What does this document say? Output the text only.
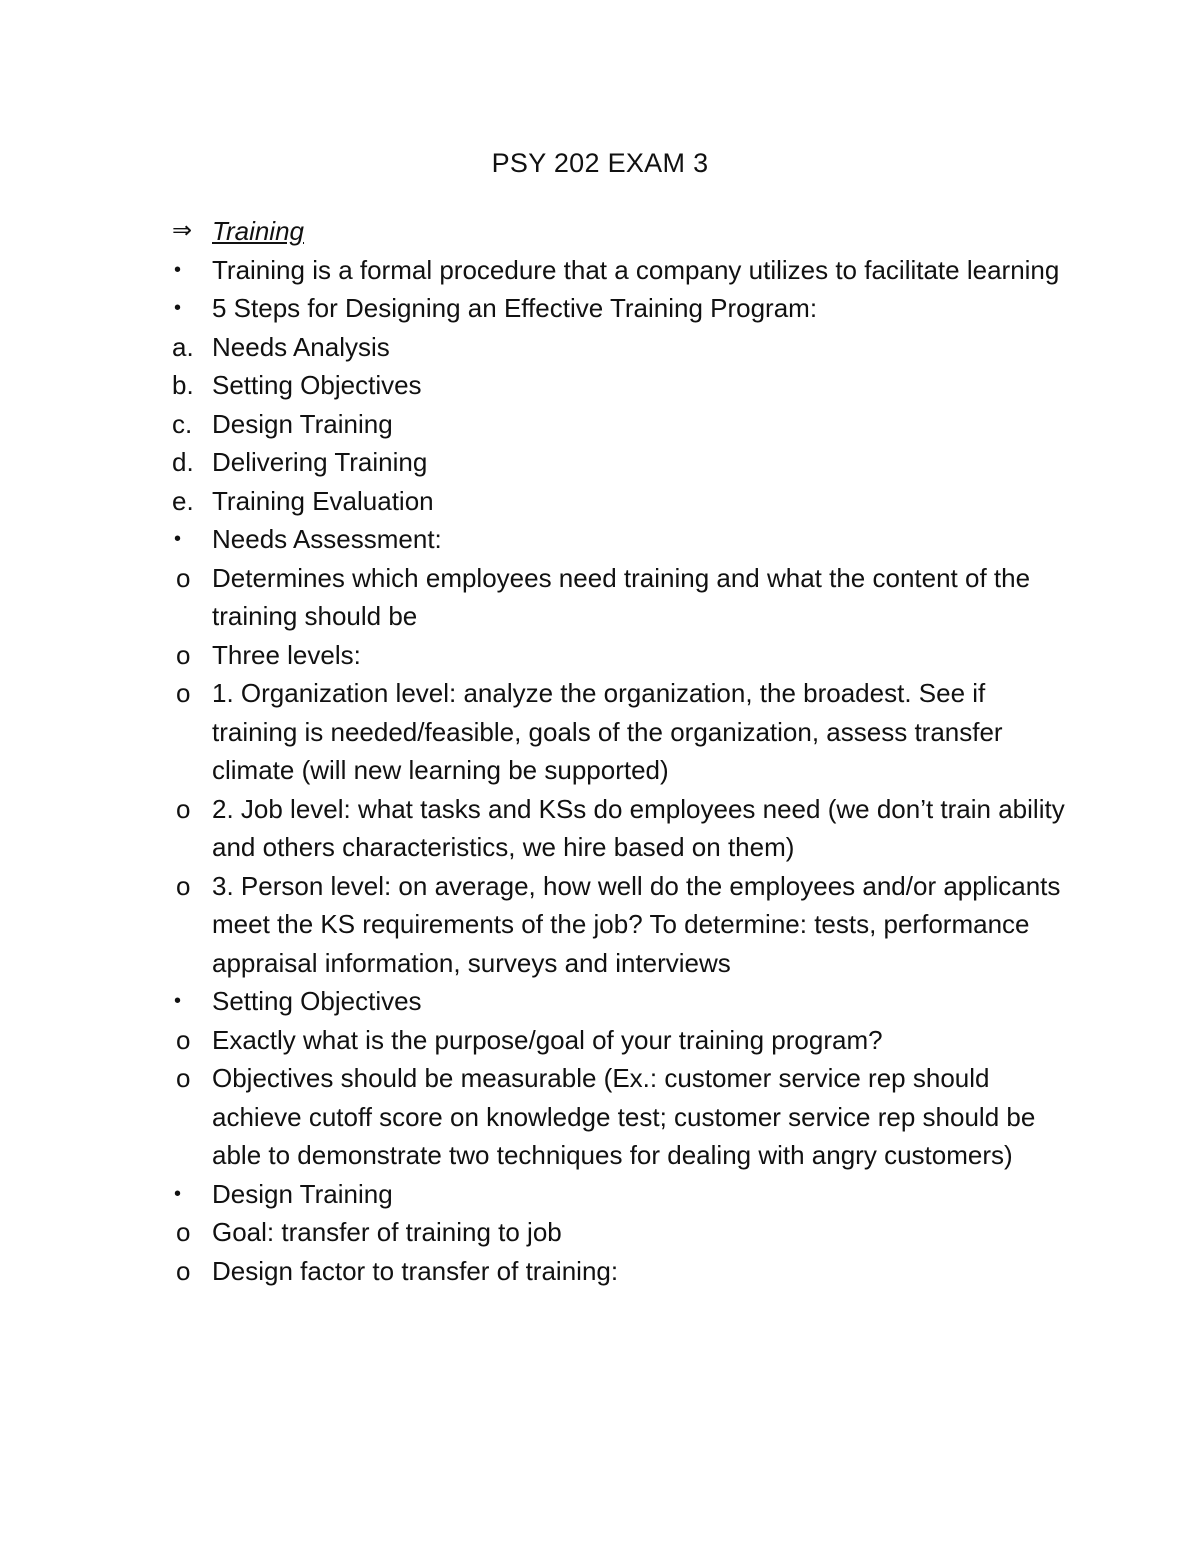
PSY 202 EXAM 3
⇒ Training
•	Training is a formal procedure that a company utilizes to facilitate learning
•	5 Steps for Designing an Effective Training Program:
a. Needs Analysis
b. Setting Objectives
c. Design Training
d. Delivering Training
e. Training Evaluation
•	Needs Assessment:
o Determines which employees need training and what the content of the training should be
o Three levels:
o 1. Organization level: analyze the organization, the broadest. See if training is needed/feasible, goals of the organization, assess transfer climate (will new learning be supported)
o 2. Job level: what tasks and KSs do employees need (we don’t train ability and others characteristics, we hire based on them)
o 3. Person level: on average, how well do the employees and/or applicants meet the KS requirements of the job? To determine: tests, performance appraisal information, surveys and interviews
•	Setting Objectives
o Exactly what is the purpose/goal of your training program?
o Objectives should be measurable (Ex.: customer service rep should achieve cutoff score on knowledge test; customer service rep should be able to demonstrate two techniques for dealing with angry customers)
•	Design Training
o Goal: transfer of training to job
o Design factor to transfer of training:
